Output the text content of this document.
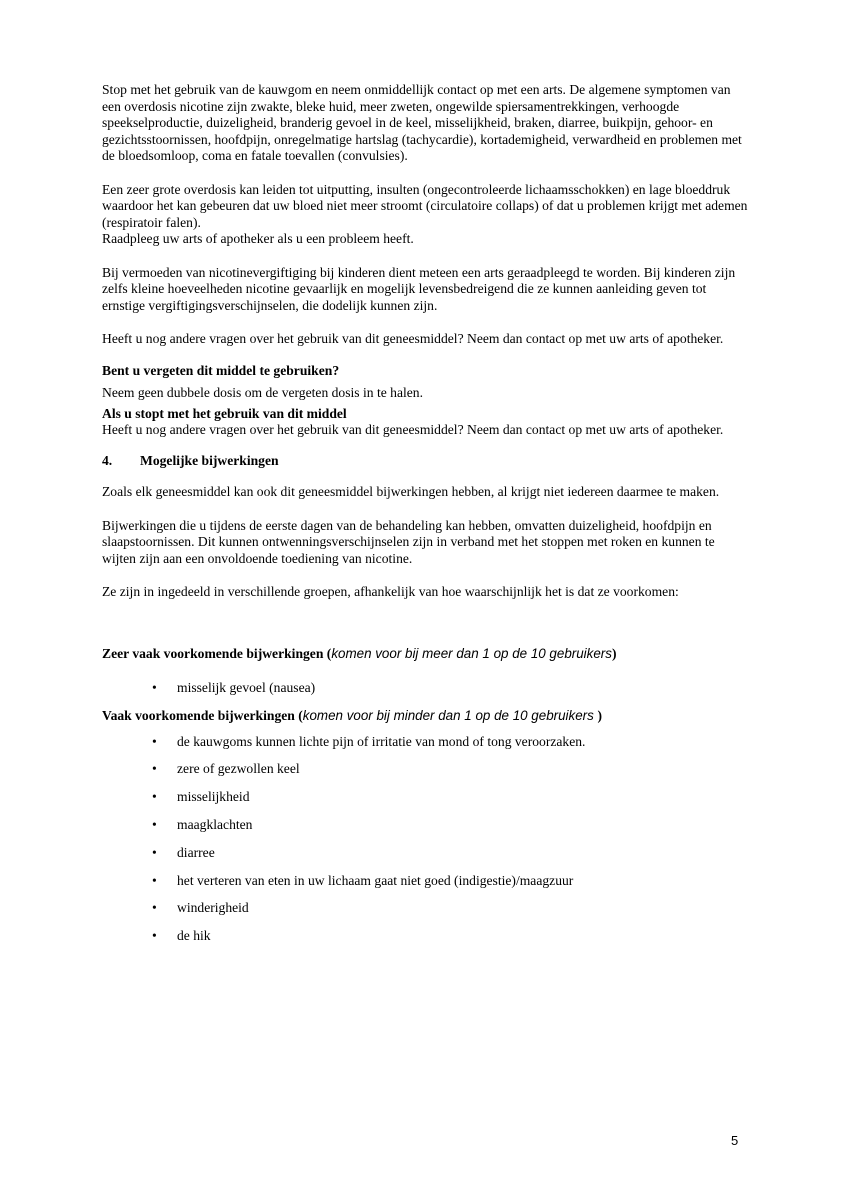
Stop met het gebruik van de kauwgom en neem onmiddellijk contact op met een arts. De algemene symptomen van een overdosis nicotine zijn zwakte, bleke huid, meer zweten, ongewilde spiersamentrekkingen, verhoogde speekselproductie, duizeligheid, branderig gevoel in de keel, misselijkheid, braken, diarree, buikpijn, gehoor- en gezichtsstoornissen, hoofdpijn, onregelmatige hartslag (tachycardie), kortademigheid, verwardheid en problemen met de bloedsomloop, coma en fatale toevallen (convulsies).

Een zeer grote overdosis kan leiden tot uitputting, insulten (ongecontroleerde lichaamsschokken) en lage bloeddruk waardoor het kan gebeuren dat uw bloed niet meer stroomt (circulatoire collaps) of dat u problemen krijgt met ademen (respiratoir falen).

Raadpleeg uw arts of apotheker als u een probleem heeft.

Bij vermoeden van nicotinevergiftiging bij kinderen dient meteen een arts geraadpleegd te worden. Bij kinderen zijn zelfs kleine hoeveelheden nicotine gevaarlijk en mogelijk levensbedreigend die ze kunnen aanleiding geven tot ernstige vergiftigingsverschijnselen, die dodelijk kunnen zijn.

Heeft u nog andere vragen over het gebruik van dit geneesmiddel? Neem dan contact op met uw arts of apotheker.

Bent u vergeten dit middel te gebruiken?

Neem geen dubbele dosis om de vergeten dosis in te halen.

Als u stopt met het gebruik van dit middel

Heeft u nog andere vragen over het gebruik van dit geneesmiddel? Neem dan contact op met uw arts of apotheker.

4.	Mogelijke bijwerkingen

Zoals elk geneesmiddel kan ook dit geneesmiddel bijwerkingen hebben, al krijgt niet iedereen daarmee te maken.

Bijwerkingen die u tijdens de eerste dagen van de behandeling kan hebben, omvatten duizeligheid, hoofdpijn en slaapstoornissen. Dit kunnen ontwenningsverschijnselen zijn in verband met het stoppen met roken en kunnen te wijten zijn aan een onvoldoende toediening van nicotine.

Ze zijn in ingedeeld in verschillende groepen, afhankelijk van hoe waarschijnlijk het is dat ze voorkomen:

Zeer vaak voorkomende bijwerkingen (komen voor bij meer dan 1 op de 10 gebruikers)

• misselijk gevoel (nausea)

Vaak voorkomende bijwerkingen (komen voor bij minder dan 1 op de 10 gebruikers )

• de kauwgoms kunnen lichte pijn of irritatie van mond of tong veroorzaken.
• zere of gezwollen keel
• misselijkheid
• maagklachten
• diarree
• het verteren van eten in uw lichaam gaat niet goed (indigestie)/maagzuur
• winderigheid
• de hik
5
